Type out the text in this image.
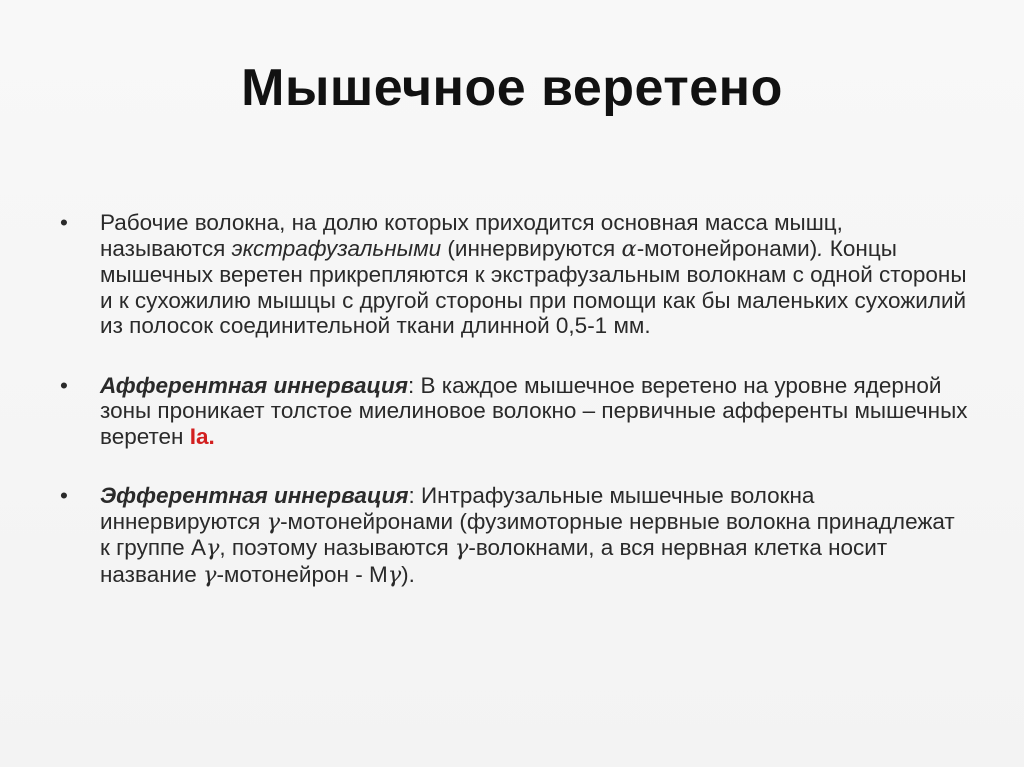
Мышечное веретено
•	Рабочие волокна, на долю которых приходится основная масса мышц, называются экстрафузальными (иннервируются α-мотонейронами). Концы мышечных веретен прикрепляются к экстрафузальным волокнам с одной стороны и к сухожилию мышцы с другой стороны при помощи как бы маленьких сухожилий из полосок соединительной ткани длинной 0,5-1 мм.
•	Афферентная иннервация: В каждое мышечное веретено на уровне ядерной зоны проникает толстое миелиновое волокно – первичные афференты мышечных веретен Ia.
•	Эфферентная иннервация: Интрафузальные мышечные волокна иннервируются γ-мотонейронами (фузимоторные нервные волокна принадлежат к группе Аγ, поэтому называются γ-волокнами, а вся нервная клетка носит название γ-мотонейрон - Мγ).
